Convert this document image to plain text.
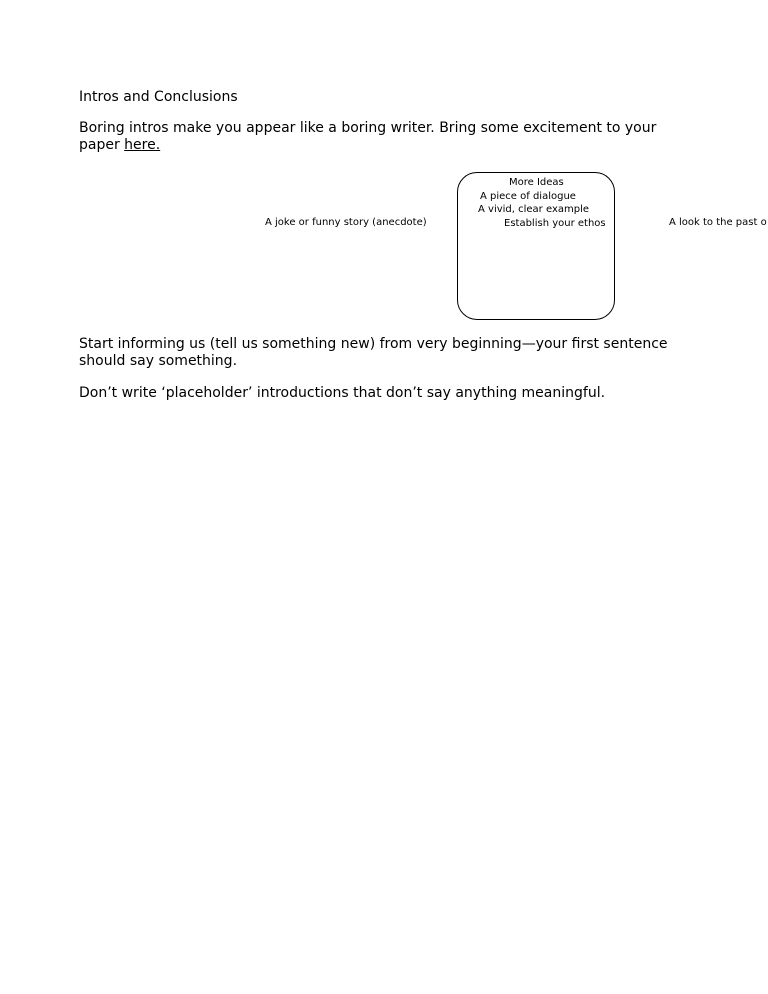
Intros and Conclusions
Boring intros make you appear like a boring writer. Bring some excitement to your paper here.
A joke or funny story (anecdote)
More Ideas
A piece of dialogue
A vivid, clear example
Establish your ethos	A look to the past o
Start informing us (tell us something new) from very beginning—your first sentence should say something.
Don’t write ‘placeholder’ introductions that don’t say anything meaningful.
